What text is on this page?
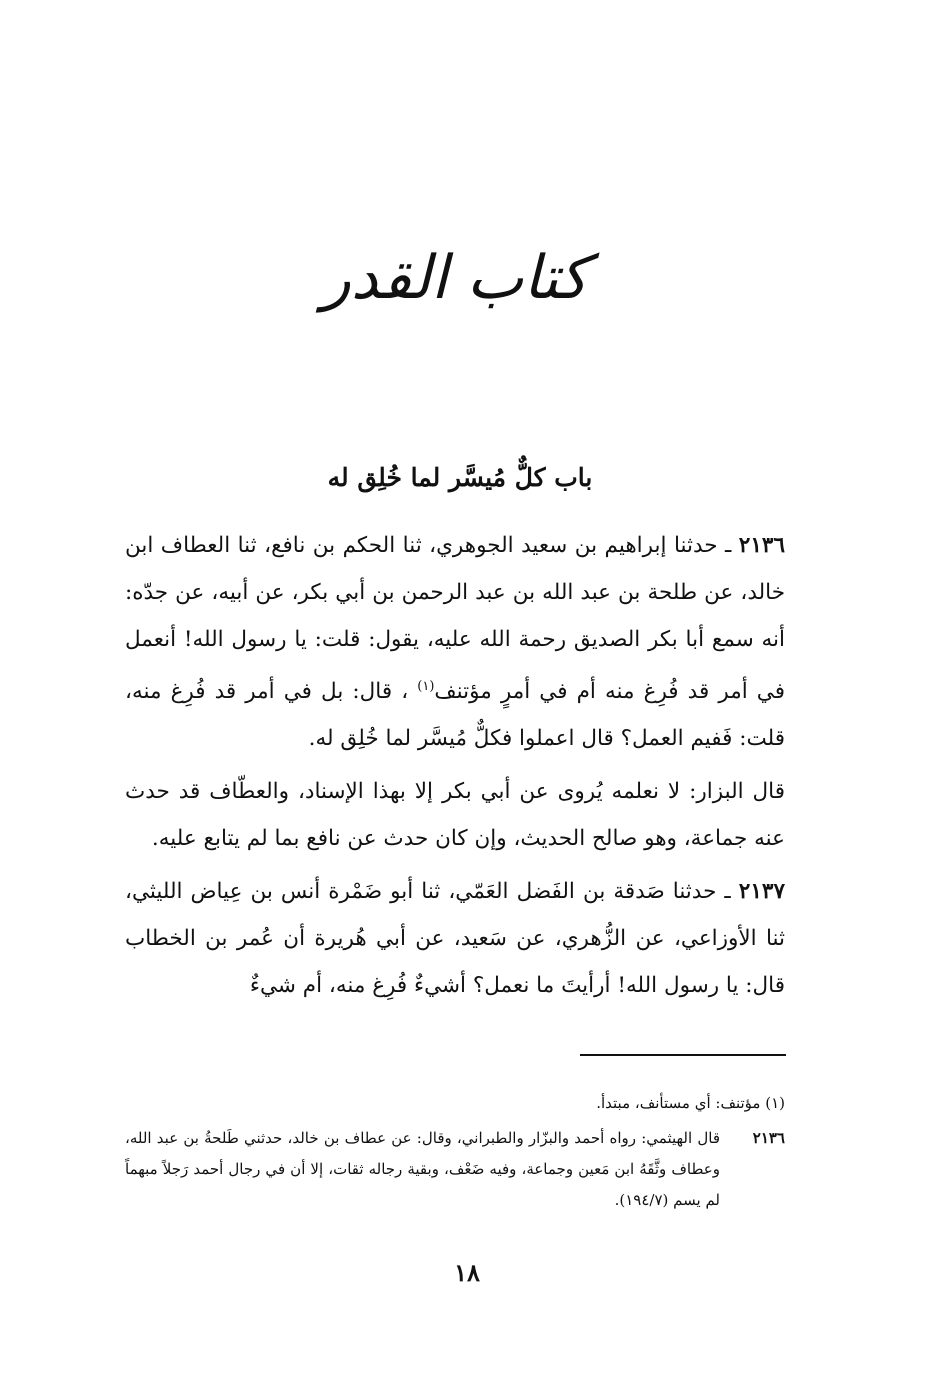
كتاب القدر
باب كلٌّ مُيسَّر لما خُلِق له

٢١٣٦ ـ حدثنا إبراهيم بن سعيد الجوهري، ثنا الحكم بن نافع، ثنا العطاف ابن خالد، عن طلحة بن عبد الله بن عبد الرحمن بن أبي بكر، عن أبيه، عن جدّه: أنه سمع أبا بكر الصديق رحمة الله عليه، يقول: قلت: يا رسول الله! أنعمل في أمر قد فُرِغ منه أم في أمرٍ مؤتنف$^{(١)}$ ، قال: بل في أمر قد فُرِغ منه، قلت: فَفيم العمل؟ قال اعملوا فكلٌّ مُيسَّر لما خُلِق له.

قال البزار: لا نعلمه يُروى عن أبي بكر إلا بهذا الإسناد، والعطّاف قد حدث عنه جماعة، وهو صالح الحديث، وإن كان حدث عن نافع بما لم يتابع عليه.

٢١٣٧ ـ حدثنا صَدقة بن الفَضل العَمّي، ثنا أبو ضَمْرة أنس بن عِياض الليثي، ثنا الأوزاعي، عن الزُّهري، عن سَعيد، عن أبي هُريرة أن عُمر بن الخطاب قال: يا رسول الله! أرأيتَ ما نعمل؟ أشيءٌ فُرِغ منه، أم شيءٌ

(١) مؤتنف: أي مستأنف، مبتدأ.

٢١٣٦
قال الهيثمي: رواه أحمد والبزّار والطبراني، وقال: عن عطاف بن خالد، حدثني طَلحةُ بن عبد الله، وعطاف وثَّقَهُ ابن مَعين وجماعة، وفيه ضَعْف، وبقية رجاله ثقات، إلا أن في رجال أحمد رَجلاً مبهماً لم يسم (١٩٤/٧).
١٨
